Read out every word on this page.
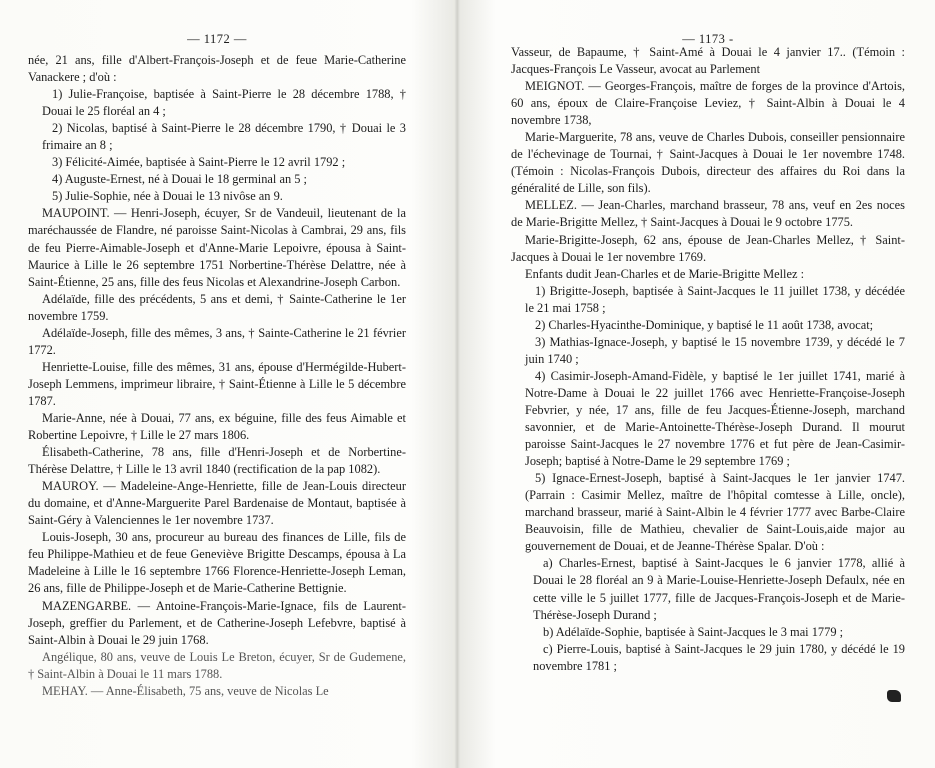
— 1172 —

née, 21 ans, fille d'Albert-François-Joseph et de feue Marie-Catherine Vanackere ; d'où :

1) Julie-Françoise, baptisée à Saint-Pierre le 28 décembre 1788, † Douai le 25 floréal an 4 ;

2) Nicolas, baptisé à Saint-Pierre le 28 décembre 1790, † Douai le 3 frimaire an 8 ;

3) Félicité-Aimée, baptisée à Saint-Pierre le 12 avril 1792 ;

4) Auguste-Ernest, né à Douai le 18 germinal an 5 ;

5) Julie-Sophie, née à Douai le 13 nivôse an 9.

MAUPOINT. — Henri-Joseph, écuyer, Sr de Vandeuil, lieutenant de la maréchaussée de Flandre, né paroisse Saint-Nicolas à Cambrai, 29 ans, fils de feu Pierre-Aimable-Joseph et d'Anne-Marie Lepoivre, épousa à Saint-Maurice à Lille le 26 septembre 1751 Norbertine-Thérèse Delattre, née à Saint-Étienne, 25 ans, fille des feus Nicolas et Alexandrine-Joseph Carbon.

Adélaïde, fille des précédents, 5 ans et demi, † Sainte-Catherine le 1er novembre 1759.

Adélaïde-Joseph, fille des mêmes, 3 ans, † Sainte-Catherine le 21 février 1772.

Henriette-Louise, fille des mêmes, 31 ans, épouse d'Hermégilde-Hubert-Joseph Lemmens, imprimeur libraire, † Saint-Étienne à Lille le 5 décembre 1787.

Marie-Anne, née à Douai, 77 ans, ex béguine, fille des feus Aimable et Robertine Lepoivre, † Lille le 27 mars 1806.

Élisabeth-Catherine, 78 ans, fille d'Henri-Joseph et de Norbertine-Thérèse Delattre, † Lille le 13 avril 1840 (rectification de la pap 1082).

MAUROY. — Madeleine-Ange-Henriette, fille de Jean-Louis directeur du domaine, et d'Anne-Marguerite Parel Bardenaise de Montaut, baptisée à Saint-Géry à Valenciennes le 1er novembre 1737.

Louis-Joseph, 30 ans, procureur au bureau des finances de Lille, fils de feu Philippe-Mathieu et de feue Geneviève Brigitte Descamps, épousa à La Madeleine à Lille le 16 septembre 1766 Florence-Henriette-Joseph Leman, 26 ans, fille de Philippe-Joseph et de Marie-Catherine Bettignie.

MAZENGARBE. — Antoine-François-Marie-Ignace, fils de Laurent-Joseph, greffier du Parlement, et de Catherine-Joseph Lefebvre, baptisé à Saint-Albin à Douai le 29 juin 1768.

Angélique, 80 ans, veuve de Louis Le Breton, écuyer, Sr de Gudemene, † Saint-Albin à Douai le 11 mars 1788.

MEHAY. — Anne-Élisabeth, 75 ans, veuve de Nicolas Le

— 1173 -

Vasseur, de Bapaume, † Saint-Amé à Douai le 4 janvier 17.. (Témoin : Jacques-François Le Vasseur, avocat au Parlement

MEIGNOT. — Georges-François, maître de forges de la province d'Artois, 60 ans, époux de Claire-Françoise Leviez, † Saint-Albin à Douai le 4 novembre 1738,

Marie-Marguerite, 78 ans, veuve de Charles Dubois, conseiller pensionnaire de l'échevinage de Tournai, † Saint-Jacques à Douai le 1er novembre 1748. (Témoin : Nicolas-François Dubois, directeur des affaires du Roi dans la généralité de Lille, son fils).

MELLEZ. — Jean-Charles, marchand brasseur, 78 ans, veuf en 2es noces de Marie-Brigitte Mellez, † Saint-Jacques à Douai le 9 octobre 1775.

Marie-Brigitte-Joseph, 62 ans, épouse de Jean-Charles Mellez, † Saint-Jacques à Douai le 1er novembre 1769.

Enfants dudit Jean-Charles et de Marie-Brigitte Mellez :

1) Brigitte-Joseph, baptisée à Saint-Jacques le 11 juillet 1738, y décédée le 21 mai 1758 ;

2) Charles-Hyacinthe-Dominique, y baptisé le 11 août 1738, avocat;

3) Mathias-Ignace-Joseph, y baptisé le 15 novembre 1739, y décédé le 7 juin 1740 ;

4) Casimir-Joseph-Amand-Fidèle, y baptisé le 1er juillet 1741, marié à Notre-Dame à Douai le 22 juillet 1766 avec Henriette-Françoise-Joseph Febvrier, y née, 17 ans, fille de feu Jacques-Étienne-Joseph, marchand savonnier, et de Marie-Antoinette-Thérèse-Joseph Durand. Il mourut paroisse Saint-Jacques le 27 novembre 1776 et fut père de Jean-Casimir-Joseph; baptisé à Notre-Dame le 29 septembre 1769 ;

5) Ignace-Ernest-Joseph, baptisé à Saint-Jacques le 1er janvier 1747. (Parrain : Casimir Mellez, maître de l'hôpital comtesse à Lille, oncle), marchand brasseur, marié à Saint-Albin le 4 février 1777 avec Barbe-Claire Beauvoisin, fille de Mathieu, chevalier de Saint-Louis,aide major au gouvernement de Douai, et de Jeanne-Thérèse Spalar. D'où :

a) Charles-Ernest, baptisé à Saint-Jacques le 6 janvier 1778, allié à Douai le 28 floréal an 9 à Marie-Louise-Henriette-Joseph Defaulx, née en cette ville le 5 juillet 1777, fille de Jacques-François-Joseph et de Marie-Thérèse-Joseph Durand ;

b) Adélaïde-Sophie, baptisée à Saint-Jacques le 3 mai 1779 ;

c) Pierre-Louis, baptisé à Saint-Jacques le 29 juin 1780, y décédé le 19 novembre 1781 ;
